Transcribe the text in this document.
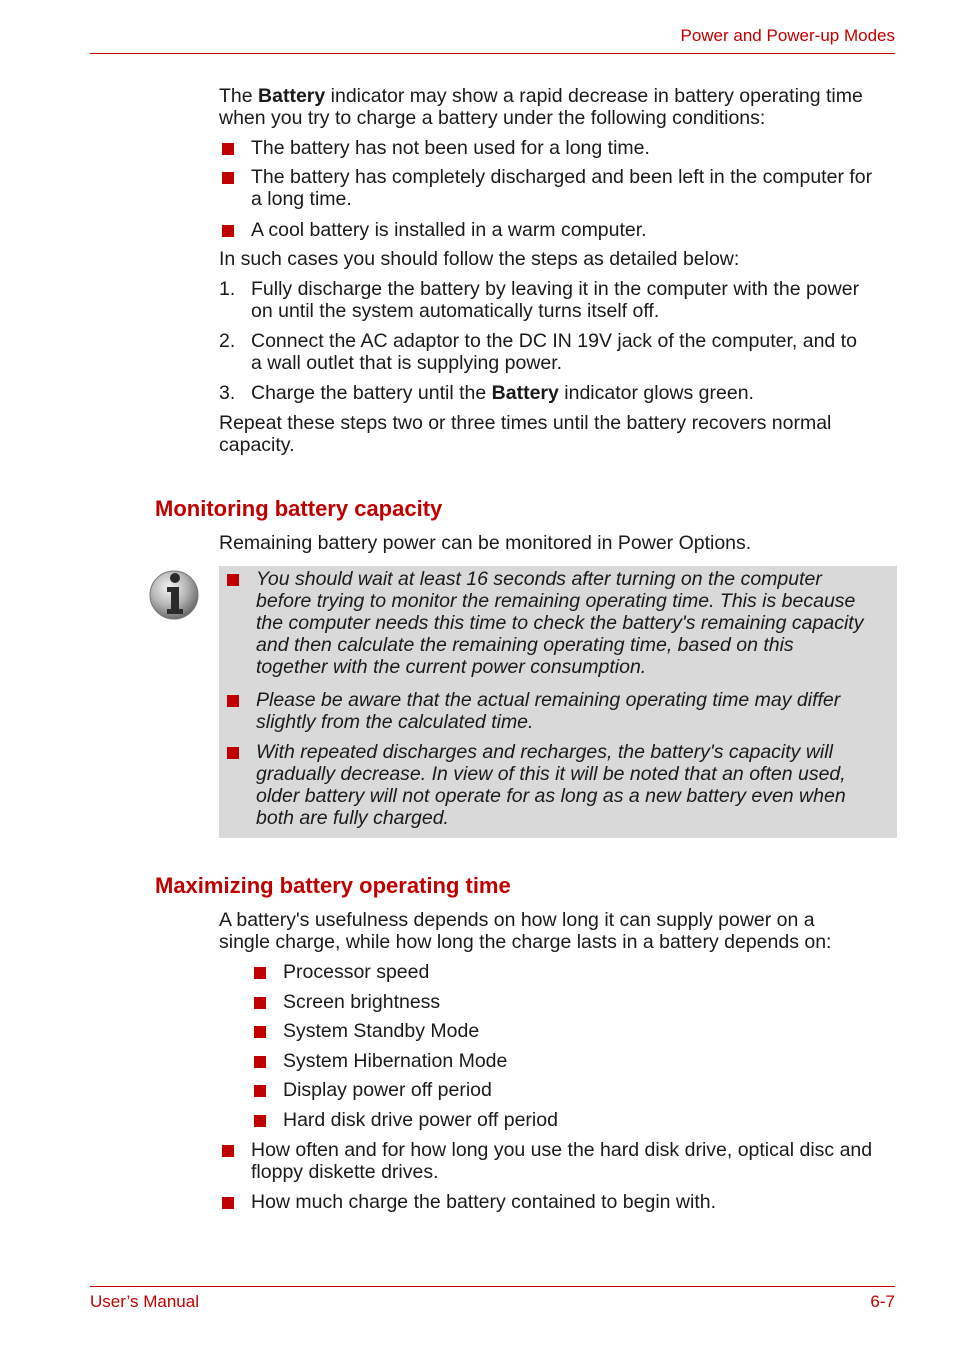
Power and Power-up Modes

The Battery indicator may show a rapid decrease in battery operating time
when you try to charge a battery under the following conditions:

The battery has not been used for a long time.
The battery has completely discharged and been left in the computer for
a long time.
A cool battery is installed in a warm computer.

In such cases you should follow the steps as detailed below:

1. Fully discharge the battery by leaving it in the computer with the power
on until the system automatically turns itself off.
2. Connect the AC adaptor to the DC IN 19V jack of the computer, and to
a wall outlet that is supplying power.
3. Charge the battery until the Battery indicator glows green.

Repeat these steps two or three times until the battery recovers normal
capacity.

Monitoring battery capacity

Remaining battery power can be monitored in Power Options.

You should wait at least 16 seconds after turning on the computer
before trying to monitor the remaining operating time. This is because
the computer needs this time to check the battery's remaining capacity
and then calculate the remaining operating time, based on this
together with the current power consumption.
Please be aware that the actual remaining operating time may differ
slightly from the calculated time.
With repeated discharges and recharges, the battery's capacity will
gradually decrease. In view of this it will be noted that an often used,
older battery will not operate for as long as a new battery even when
both are fully charged.
Maximizing battery operating time

A battery's usefulness depends on how long it can supply power on a
single charge, while how long the charge lasts in a battery depends on:

Processor speed
Screen brightness
System Standby Mode
System Hibernation Mode
Display power off period
Hard disk drive power off period
How often and for how long you use the hard disk drive, optical disc and
floppy diskette drives.
How much charge the battery contained to begin with.
User’s Manual	6-7
